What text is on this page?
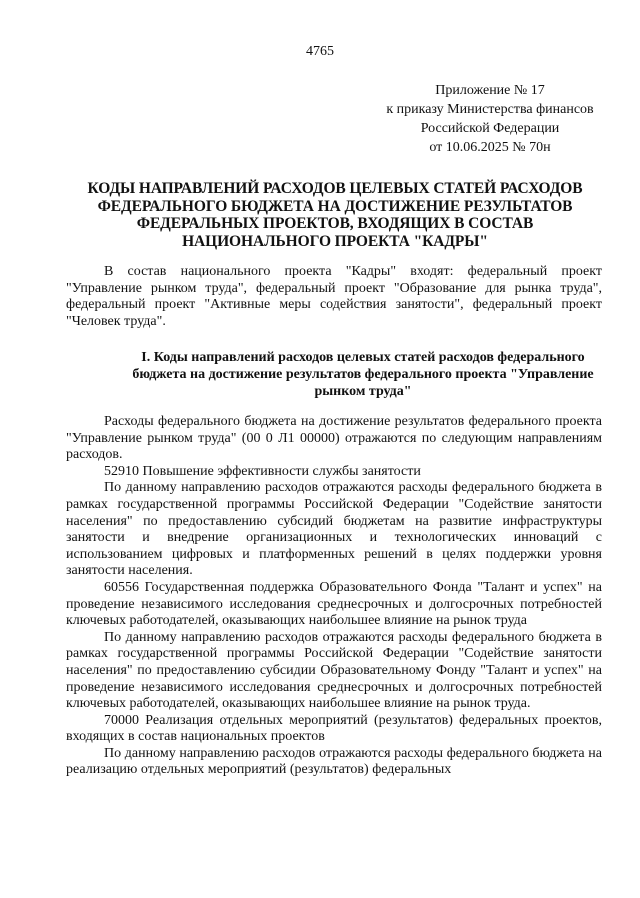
4765
Приложение № 17
к приказу Министерства финансов
Российской Федерации
от 10.06.2025 № 70н
КОДЫ НАПРАВЛЕНИЙ РАСХОДОВ ЦЕЛЕВЫХ СТАТЕЙ РАСХОДОВ ФЕДЕРАЛЬНОГО БЮДЖЕТА НА ДОСТИЖЕНИЕ РЕЗУЛЬТАТОВ ФЕДЕРАЛЬНЫХ ПРОЕКТОВ, ВХОДЯЩИХ В СОСТАВ НАЦИОНАЛЬНОГО ПРОЕКТА "КАДРЫ"

В состав национального проекта "Кадры" входят: федеральный проект "Управление рынком труда", федеральный проект "Образование для рынка труда", федеральный проект "Активные меры содействия занятости", федеральный проект "Человек труда".

I. Коды направлений расходов целевых статей расходов федерального бюджета на достижение результатов федерального проекта "Управление рынком труда"

Расходы федерального бюджета на достижение результатов федерального проекта "Управление рынком труда" (00 0 Л1 00000) отражаются по следующим направлениям расходов.

52910 Повышение эффективности службы занятости

По данному направлению расходов отражаются расходы федерального бюджета в рамках государственной программы Российской Федерации "Содействие занятости населения" по предоставлению субсидий бюджетам на развитие инфраструктуры занятости и внедрение организационных и технологических инноваций с использованием цифровых и платформенных решений в целях поддержки уровня занятости населения.

60556 Государственная поддержка Образовательного Фонда "Талант и успех" на проведение независимого исследования среднесрочных и долгосрочных потребностей ключевых работодателей, оказывающих наибольшее влияние на рынок труда

По данному направлению расходов отражаются расходы федерального бюджета в рамках государственной программы Российской Федерации "Содействие занятости населения" по предоставлению субсидии Образовательному Фонду "Талант и успех" на проведение независимого исследования среднесрочных и долгосрочных потребностей ключевых работодателей, оказывающих наибольшее влияние на рынок труда.

70000 Реализация отдельных мероприятий (результатов) федеральных проектов, входящих в состав национальных проектов

По данному направлению расходов отражаются расходы федерального бюджета на реализацию отдельных мероприятий (результатов) федеральных
